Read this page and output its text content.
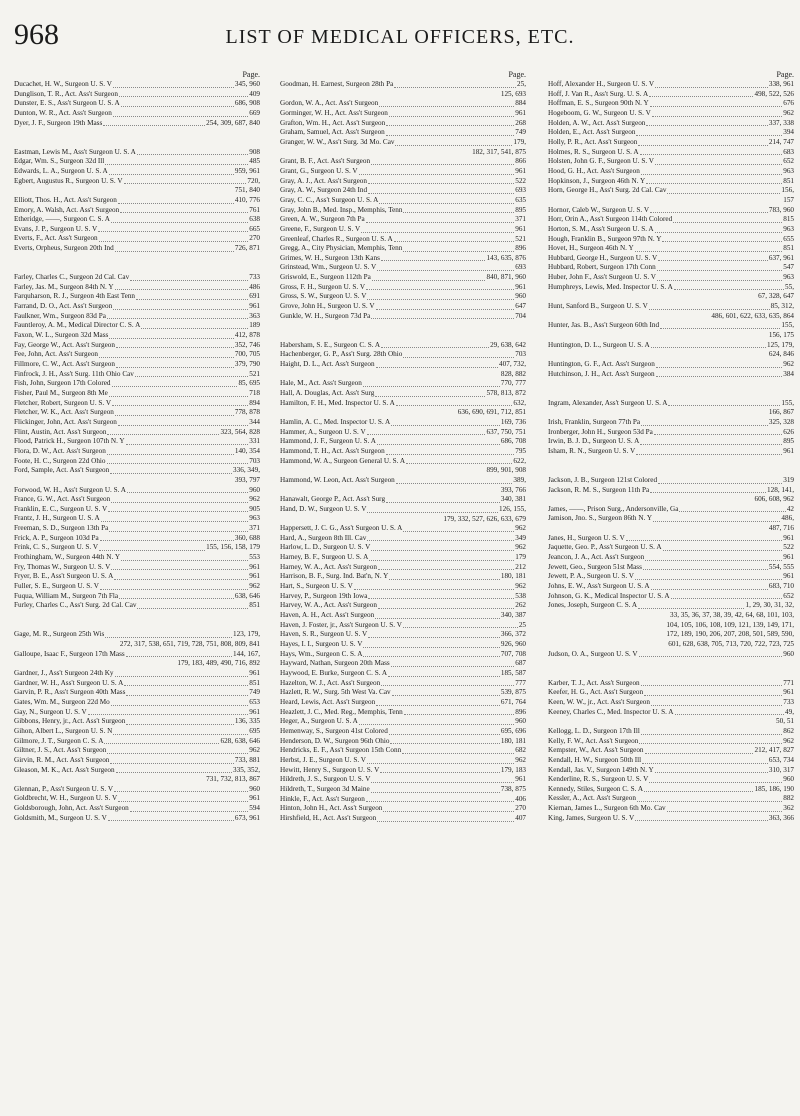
968	LIST OF MEDICAL OFFICERS, ETC.
Page.
Ducachet, H. W., Surgeon U. S. V	345, 960
Dunglison, T. R., Act. Ass't Surgeon	409
Dunster, E. S., Ass't Surgeon U. S. A	686, 908
Dunton, W. R., Act. Ass't Surgeon	669
Dyer, J. F., Surgeon 19th Mass	254, 309, 687, 840
Eastman, Lewis M., Ass't Surgeon U. S. A	908
Edgar, Wm. S., Surgeon 32d Ill	485
Edwards, L. A., Surgeon U. S. A	959, 961
Egbert, Augustus R., Surgeon U. S. V	720,
751, 840
Elliott, Thos. H., Act. Ass't Surgeon	410, 776
Emory, A. Walsh, Act. Ass't Surgeon	761
Etheridge, ——, Surgeon C. S. A	638
Evans, J. P., Surgeon U. S. V	665
Everts, F., Act. Ass't Surgeon	270
Everts, Orpheus, Surgeon 20th Ind	726, 871
Farley, Charles C., Surgeon 2d Cal. Cav	733
Farley, Jas. M., Surgeon 84th N. Y	486
Farquharson, R. J., Surgeon 4th East Tenn	691
Farrand, D. O., Act. Ass't Surgeon	961
Faulkner, Wm., Surgeon 83d Pa	363
Fauntleroy, A. M., Medical Director C. S. A	189
Faxon, W. L., Surgeon 32d Mass	412, 878
Fay, George W., Act. Ass't Surgeon	352, 746
Fee, John, Act. Ass't Surgeon	700, 705
Fillmore, C. W., Act. Ass't Surgeon	379, 790
Finfrock, J. H., Ass't Surg. 11th Ohio Cav	521
Fish, John, Surgeon 17th Colored	85, 695
Fisher, Paul M., Surgeon 8th Me	718
Fletcher, Robert, Surgeon U. S. V	894
Fletcher, W. K., Act. Ass't Surgeon	778, 878
Flickinger, John, Act. Ass't Surgeon	344
Flint, Austin, Act. Ass't Surgeon	323, 564, 828
Flood, Patrick H., Surgeon 107th N. Y	331
Flora, D. W., Act. Ass't Surgeon	140, 354
Foote, H. C., Surgeon 22d Ohio	703
Ford, Sample, Act. Ass't Surgeon	336, 349,
393, 797
Forwood, W. H., Ass't Surgeon U. S. A	960
France, G. W., Act. Ass't Surgeon	962
Franklin, E. C., Surgeon U. S. V	905
Frantz, J. H., Surgeon U. S. A	963
Freeman, S. D., Surgeon 13th Pa	371
Frick, A. P., Surgeon 103d Pa	360, 688
Frink, C. S., Surgeon U. S. V	155, 156, 158, 179
Frothingham, W., Surgeon 44th N. Y	553
Fry, Thomas W., Surgeon U. S. V	961
Fryer, B. E., Ass't Surgeon U. S. A	961
Fuller, S. E., Surgeon U. S. V	962
Fuqua, William M., Surgeon 7th Fla	638, 646
Furley, Charles C., Ass't Surg. 2d Cal. Cav	851
Gage, M. R., Surgeon 25th Wis	123, 179,
272, 317, 538, 651, 719, 728, 751, 808, 809, 841
Galloupe, Isaac F., Surgeon 17th Mass	144, 167,
179, 183, 489, 490, 716, 892
Gardner, J., Ass't Surgeon 24th Ky	961
Gardner, W. H., Ass't Surgeon U. S. A	851
Garvin, P. R., Ass't Surgeon 40th Mass	749
Gates, Wm. M., Surgeon 22d Mo	653
Gay, N., Surgeon U. S. V	961
Gibbons, Henry, jr., Act. Ass't Surgeon	136, 335
Gihon, Albert L., Surgeon U. S. N	695
Gilmore, J. T., Surgeon C. S. A	628, 638, 646
Giltner, J. S., Act. Ass't Surgeon	962
Girvin, R. M., Act. Ass't Surgeon	733, 881
Gleason, M. K., Act. Ass't Surgeon	335, 352,
731, 732, 813, 867
Glennan, P., Ass't Surgeon U. S. V	960
Goldbrecht, W. H., Surgeon U. S. V	961
Goldsborough, John, Act. Ass't Surgeon	594
Goldsmith, M., Surgeon U. S. V	673, 961
Page.
Goodman, H. Earnest, Surgeon 28th Pa	25,
125, 693
Gordon, W. A., Act. Ass't Surgeon	884
Gorminger, W. H., Act. Ass't Surgeon	961
Grafton, Wm. H., Act. Ass't Surgeon	268
Graham, Samuel, Act. Ass't Surgeon	749
Granger, W. W., Ass't Surg. 3d Mo. Cav	179,
182, 317, 541, 875
Grant, B. F., Act. Ass't Surgeon	866
Grant, G., Surgeon U. S. V	961
Gray, A. J., Act. Ass't Surgeon	522
Gray, A. W., Surgeon 24th Ind	693
Gray, C. C., Ass't Surgeon U. S. A	635
Gray, John B., Med. Insp., Memphis, Tenn	895
Green, A. W., Surgeon 7th Pa	371
Greene, F., Surgeon U. S. V	961
Greenleaf, Charles R., Surgeon U. S. A	521
Gregg, A., City Physician, Memphis, Tenn	896
Grimes, W. H., Surgeon 13th Kans	143, 635, 876
Grinstead, Wm., Surgeon U. S. V	693
Griswold, E., Surgeon 112th Pa	840, 871, 960
Gross, F. H., Surgeon U. S. V	961
Gross, S. W., Surgeon U. S. V	960
Grove, John H., Surgeon U. S. V	647
Gunkle, W. H., Surgeon 73d Pa	704
Habersham, S. E., Surgeon C. S. A	29, 638, 642
Hachenberger, G. P., Ass't Surg. 28th Ohio	703
Haight, D. L., Act. Ass't Surgeon	407, 732,
828, 882
Hale, M., Act. Ass't Surgeon	770, 777
Hall, A. Douglas, Act. Ass't Surg	578, 813, 872
Hamilton, F. H., Med. Inspector U. S. A	632,
636, 690, 691, 712, 851
Hamlin, A. C., Med. Inspector U. S. A	169, 736
Hammer, A., Surgeon U. S. V	637, 750, 751
Hammond, J. F., Surgeon U. S. A	686, 708
Hammond, T. H., Act. Ass't Surgeon	795
Hammond, W. A., Surgeon General U. S. A	622,
899, 901, 908
Hammond, W. Leon, Act. Ass't Surgeon	389,
393, 766
Hanawalt, George P., Act. Ass't Surg	340, 381
Hand, D. W., Surgeon U. S. V	126, 155,
179, 332, 527, 626, 633, 679
Happersett, J. C. G., Ass't Surgeon U. S. A	962
Hard, A., Surgeon 8th Ill. Cav	349
Harlow, L. D., Surgeon U. S. V	962
Harney, B. F., Surgeon U. S. A	179
Harney, W. A., Act. Ass't Surgeon	212
Harrison, B. F., Surg. Ind. Bat'n, N. Y	180, 181
Hart, S., Surgeon U. S. V	962
Harvey, P., Surgeon 19th Iowa	538
Harvey, W. A., Act. Ass't Surgeon	262
Haven, A. H., Act. Ass't Surgeon	340, 387
Haven, J. Foster, jr., Ass't Surgeon U. S. V	25
Haven, S. R., Surgeon U. S. V	366, 372
Hayes, I. I., Surgeon U. S. V	926, 960
Hays, Wm., Surgeon C. S. A	707, 708
Hayward, Nathan, Surgeon 20th Mass	687
Haywood, E. Burke, Surgeon C. S. A	185, 587
Hazelton, W. J., Act. Ass't Surgeon	777
Hazlett, R. W., Surg. 5th West Va. Cav	539, 875
Heard, Lewis, Act. Ass't Surgeon	671, 764
Heazlett, J. C., Med. Reg., Memphis, Tenn	896
Heger, A., Surgeon U. S. A	960
Hemenway, S., Surgeon 41st Colored	695, 696
Henderson, D. W., Surgeon 96th Ohio	180, 181
Hendricks, E. F., Ass't Surgeon 15th Conn	682
Herbst, J. E., Surgeon U. S. V	962
Hewitt, Henry S., Surgeon U. S. V	179, 183
Hildreth, J. S., Surgeon U. S. V	961
Hildreth, T., Surgeon 3d Maine	738, 875
Hinkle, F., Act. Ass't Surgeon	406
Hinton, John H., Act. Ass't Surgeon	270
Hirshfield, H., Act. Ass't Surgeon	407
Page.
Hoff, Alexander H., Surgeon U. S. V	338, 961
Hoff, J. Van R., Ass't Surg. U. S. A	498, 522, 526
Hoffman, E. S., Surgeon 90th N. Y	676
Hogeboom, G. W., Surgeon U. S. V	962
Holden, A. W., Act. Ass't Surgeon	337, 338
Holden, E., Act. Ass't Surgeon	394
Holly, P. R., Act. Ass't Surgeon	214, 747
Holmes, R. S., Surgeon U. S. A	683
Holsten, John G. F., Surgeon U. S. V	652
Hood, G. H., Act. Ass't Surgeon	963
Hopkinson, J., Surgeon 46th N. Y	851
Horn, George H., Ass't Surg. 2d Cal. Cav	156,
157
Hornor, Caleb W., Surgeon U. S. V	783, 960
Horr, Orin A., Ass't Surgeon 114th Colored	815
Horton, S. M., Ass't Surgeon U. S. A	963
Hough, Franklin B., Surgeon 97th N. Y	655
Hovet, H., Surgeon 46th N. Y	851
Hubbard, George H., Surgeon U. S. V	637, 961
Hubbard, Robert, Surgeon 17th Conn	547
Huber, John F., Ass't Surgeon U. S. V	963
Humphreys, Lewis, Med. Inspector U. S. A	55,
67, 328, 647
Hunt, Sanford B., Surgeon U. S. V	85, 312,
486, 601, 622, 633, 635, 864
Hunter, Jas. B., Ass't Surgeon 60th Ind	155,
156, 175
Huntington, D. L., Surgeon U. S. A	125, 179,
624, 846
Huntington, G. F., Act. Ass't Surgeon	962
Hutchinson, J. H., Act. Ass't Surgeon	384
Ingram, Alexander, Ass't Surgeon U. S. A	155,
166, 867
Irish, Franklin, Surgeon 77th Pa	325, 328
Ironberger, John H., Surgeon 53d Pa	626
Irwin, B. J. D., Surgeon U. S. A	895
Isham, R. N., Surgeon U. S. V	961
Jackson, J. B., Surgeon 121st Colored	319
Jackson, R. M. S., Surgeon 11th Pa	128, 141,
606, 608, 962
James, ——, Prison Surg., Andersonville, Ga	42
Jamison, Jno. S., Surgeon 86th N. Y	486,
487, 716
Janes, H., Surgeon U. S. V	961
Jaquette, Geo. P., Ass't Surgeon U. S. A	522
Jeancon, J. A., Act. Ass't Surgeon	961
Jewett, Geo., Surgeon 51st Mass	554, 555
Jewett, P. A., Surgeon U. S. V	961
Johns, E. W., Ass't Surgeon U. S. A	683, 710
Johnson, G. K., Medical Inspector U. S. A	652
Jones, Joseph, Surgeon C. S. A	1, 29, 30, 31, 32,
33, 35, 36, 37, 38, 39, 42, 64, 68, 101, 103,
104, 105, 106, 108, 109, 121, 139, 149, 171,
172, 189, 190, 206, 207, 208, 501, 589, 590,
601, 628, 638, 705, 713, 720, 722, 723, 725
Judson, O. A., Surgeon U. S. V	960
Karber, T. J., Act. Ass't Surgeon	771
Keefer, H. G., Act. Ass't Surgeon	961
Keen, W. W., jr., Act. Ass't Surgeon	733
Keeney, Charles C., Med. Inspector U. S. A	49,
50, 51
Kellogg, L. D., Surgeon 17th Ill	862
Kelly, F. W., Act. Ass't Surgeon	962
Kempster, W., Act. Ass't Surgeon	212, 417, 827
Kendall, H. W., Surgeon 50th Ill	653, 734
Kendall, Jas. V., Surgeon 149th N. Y	310, 317
Kenderline, R. S., Surgeon U. S. V	960
Kennedy, Stiles, Surgeon C. S. A	185, 186, 190
Kessler, A., Act. Ass't Surgeon	882
Kiernan, James L., Surgeon 6th Mo. Cav	362
King, James, Surgeon U. S. V	363, 366
